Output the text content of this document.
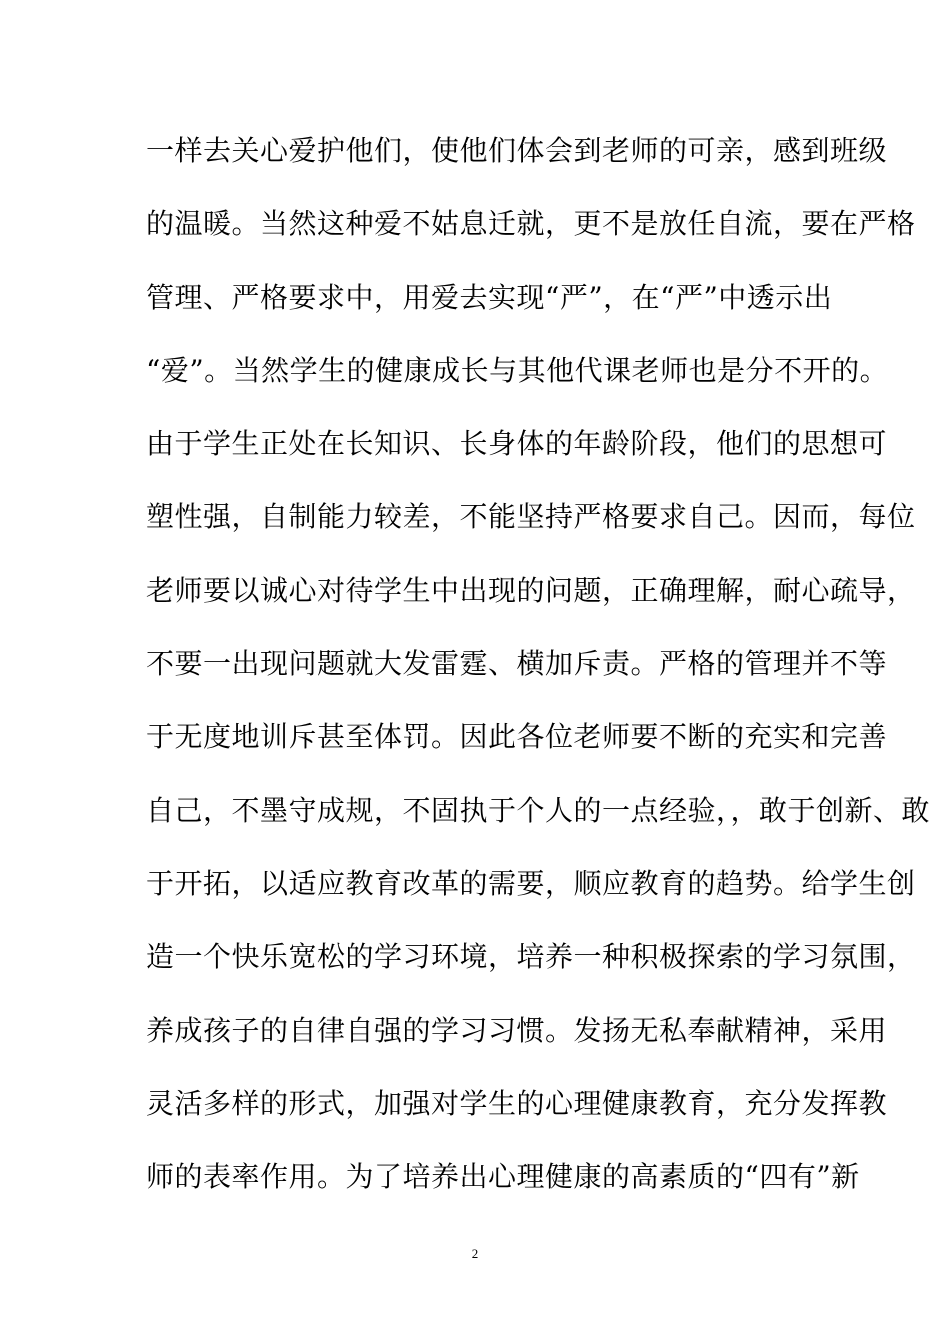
一样去关心爱护他们，使他们体会到老师的可亲，感到班级
的温暖。当然这种爱不姑息迁就，更不是放任自流，要在严格
管理、严格要求中，用爱去实现“严”，在“严”中透示出
“爱”。当然学生的健康成长与其他代课老师也是分不开的。
由于学生正处在长知识、长身体的年龄阶段，他们的思想可
塑性强，自制能力较差，不能坚持严格要求自己。因而，每位
老师要以诚心对待学生中出现的问题，正确理解，耐心疏导，
不要一出现问题就大发雷霆、横加斥责。严格的管理并不等
于无度地训斥甚至体罚。因此各位老师要不断的充实和完善
自己，不墨守成规，不固执于个人的一点经验，，敢于创新、敢
于开拓，以适应教育改革的需要，顺应教育的趋势。给学生创
造一个快乐宽松的学习环境，培养一种积极探索的学习氛围，
养成孩子的自律自强的学习习惯。发扬无私奉献精神，采用
灵活多样的形式，加强对学生的心理健康教育，充分发挥教
师的表率作用。为了培养出心理健康的高素质的“四有”新
2
